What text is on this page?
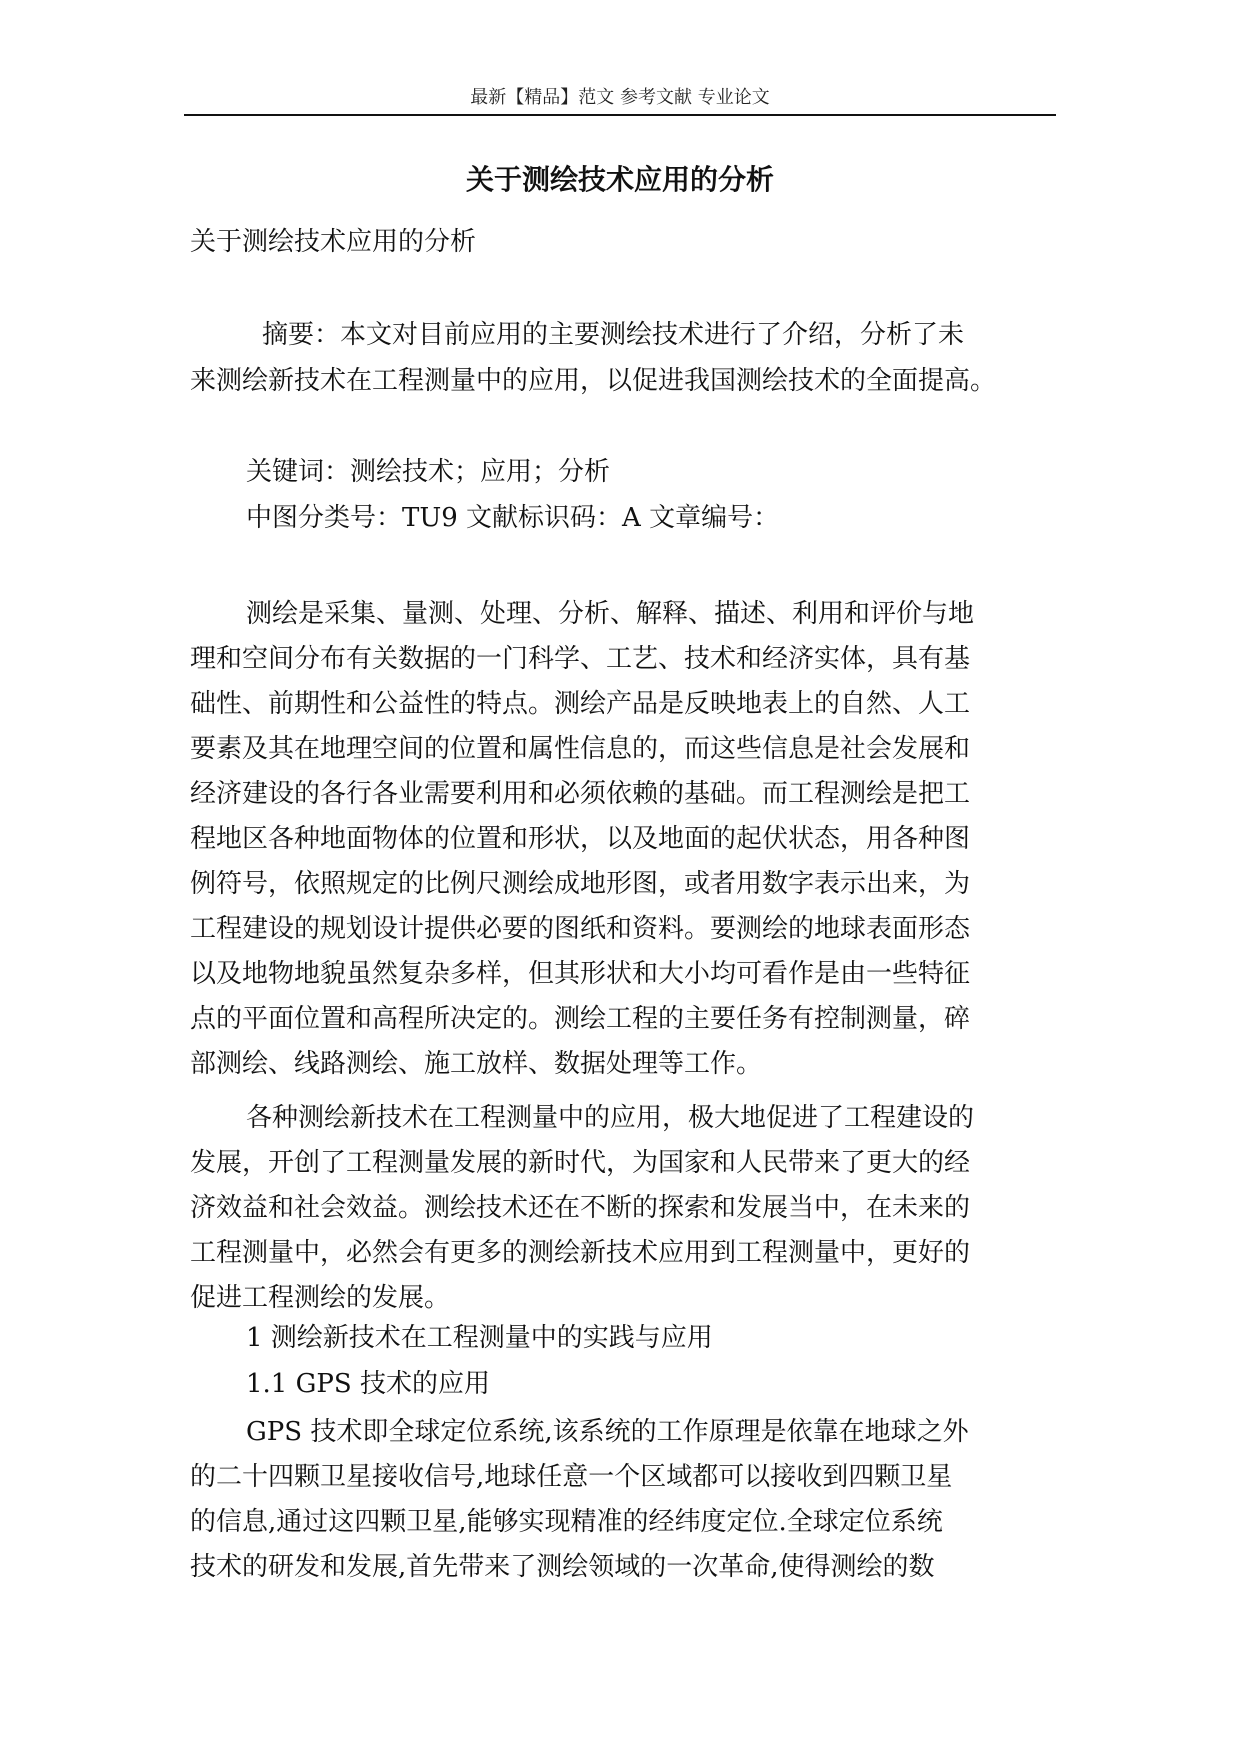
最新【精品】范文 参考文献 专业论文
关于测绘技术应用的分析
关于测绘技术应用的分析
摘要：本文对目前应用的主要测绘技术进行了介绍，分析了未
来测绘新技术在工程测量中的应用，以促进我国测绘技术的全面提高。
关键词：测绘技术；应用；分析
中图分类号：TU9 文献标识码：A 文章编号：
测绘是采集、量测、处理、分析、解释、描述、利用和评价与地
理和空间分布有关数据的一门科学、工艺、技术和经济实体，具有基
础性、前期性和公益性的特点。测绘产品是反映地表上的自然、人工
要素及其在地理空间的位置和属性信息的，而这些信息是社会发展和
经济建设的各行各业需要利用和必须依赖的基础。而工程测绘是把工
程地区各种地面物体的位置和形状，以及地面的起伏状态，用各种图
例符号，依照规定的比例尺测绘成地形图，或者用数字表示出来，为
工程建设的规划设计提供必要的图纸和资料。要测绘的地球表面形态
以及地物地貌虽然复杂多样，但其形状和大小均可看作是由一些特征
点的平面位置和高程所决定的。测绘工程的主要任务有控制测量，碎
部测绘、线路测绘、施工放样、数据处理等工作。
各种测绘新技术在工程测量中的应用，极大地促进了工程建设的
发展，开创了工程测量发展的新时代，为国家和人民带来了更大的经
济效益和社会效益。测绘技术还在不断的探索和发展当中，在未来的
工程测量中，必然会有更多的测绘新技术应用到工程测量中，更好的
促进工程测绘的发展。
1 测绘新技术在工程测量中的实践与应用
1.1 GPS 技术的应用
GPS 技术即全球定位系统,该系统的工作原理是依靠在地球之外
的二十四颗卫星接收信号,地球任意一个区域都可以接收到四颗卫星
的信息,通过这四颗卫星,能够实现精准的经纬度定位.全球定位系统
技术的研发和发展,首先带来了测绘领域的一次革命,使得测绘的数
